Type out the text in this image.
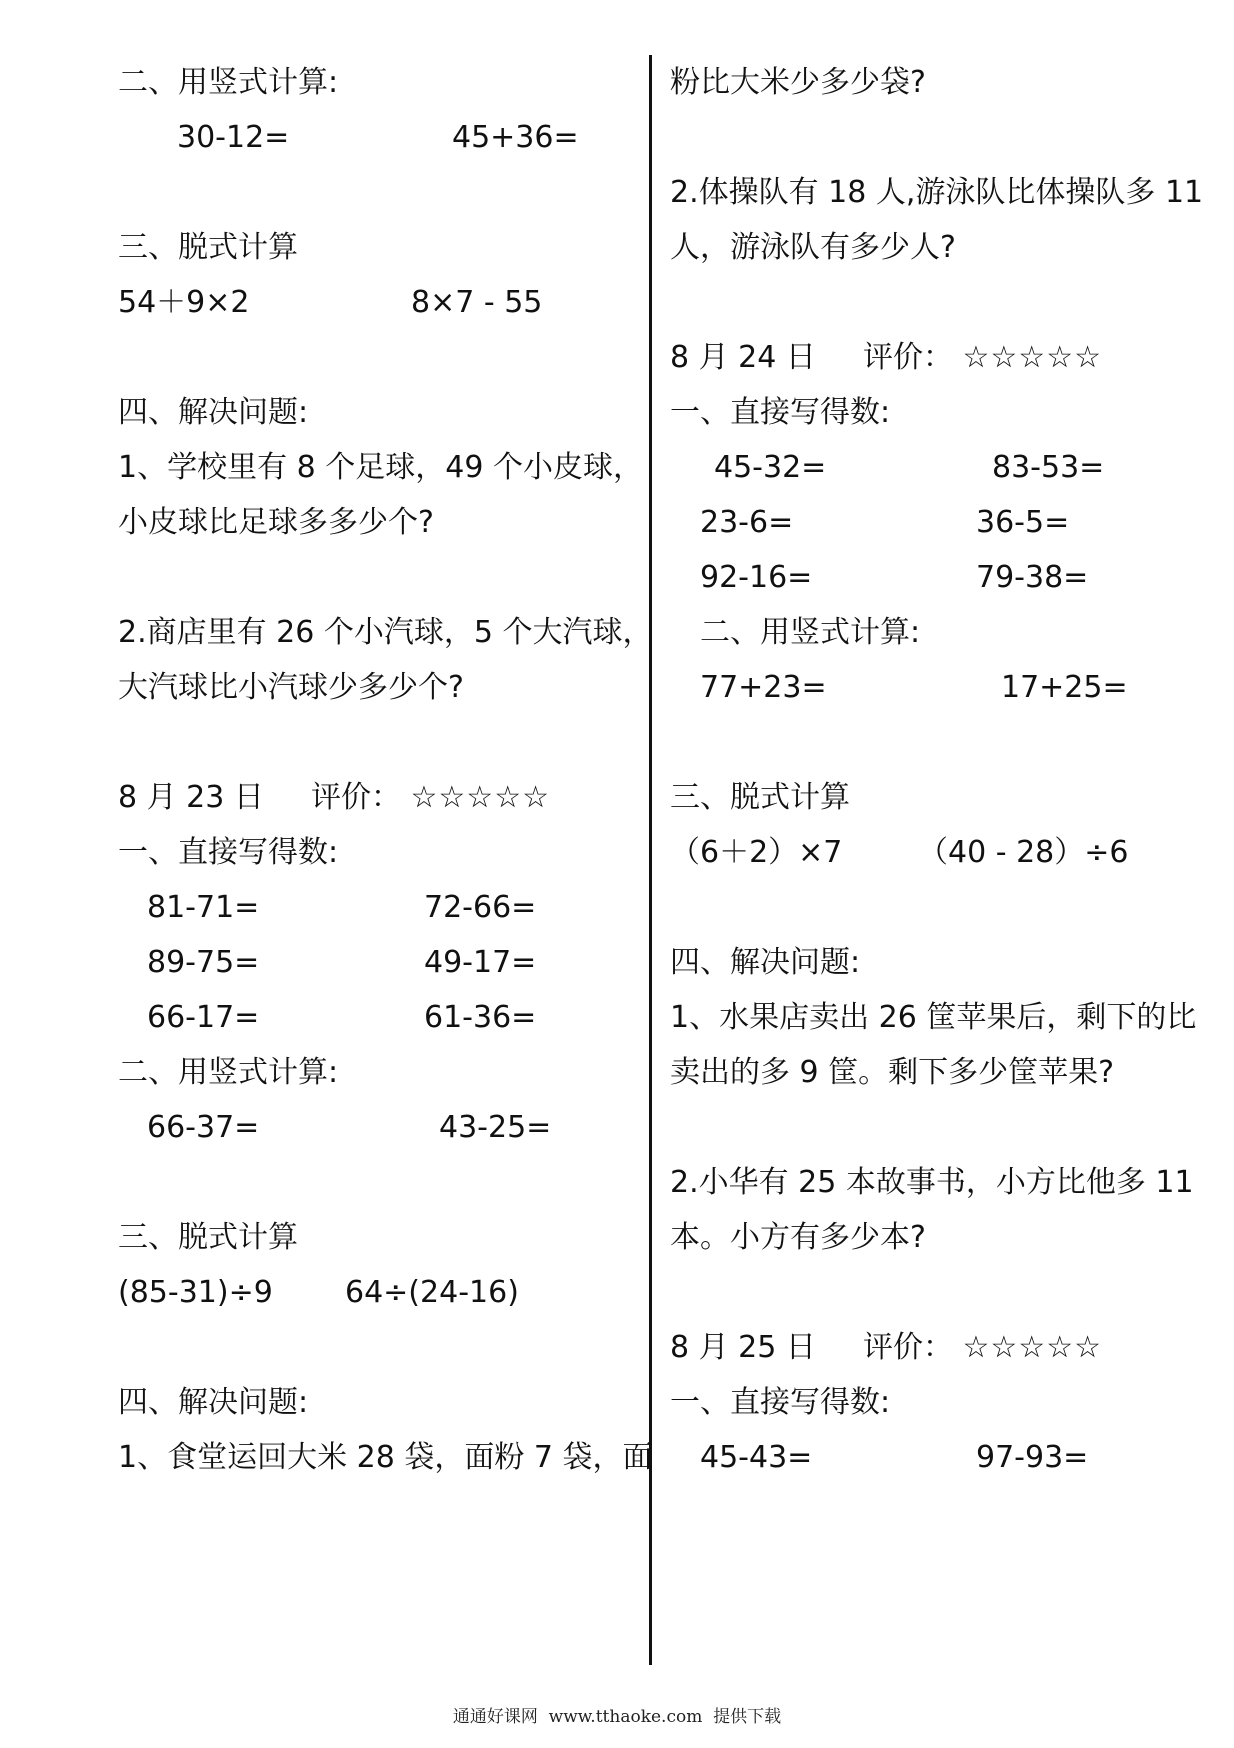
二、用竖式计算:
30-12=	45+36=
三、脱式计算
54＋9×2	8×7 - 55
四、解决问题:
1、学校里有 8 个足球，49 个小皮球，
小皮球比足球多多少个?
2.商店里有 26 个小汽球，5 个大汽球，
大汽球比小汽球少多少个?
8 月 23 日 评价： ☆☆☆☆☆
一、直接写得数:
81-71=	72-66=
89-75=	49-17=
66-17=	61-36=
二、用竖式计算:
66-37=	43-25=
三、脱式计算
(85-31)÷9 64÷(24-16)
四、解决问题:
1、食堂运回大米 28 袋，面粉 7 袋，面
粉比大米少多少袋?
2.体操队有 18 人,游泳队比体操队多 11
人，游泳队有多少人?
8 月 24 日 评价： ☆☆☆☆☆
一、直接写得数:
45-32=	83-53=
23-6=	36-5=
92-16=	79-38=
二、用竖式计算:
77+23=	17+25=
三、脱式计算
（6＋2）×7	（40 - 28）÷6
四、解决问题:
1、水果店卖出 26 筐苹果后，剩下的比
卖出的多 9 筐。剩下多少筐苹果?
2.小华有 25 本故事书，小方比他多 11
本。小方有多少本?
8 月 25 日 评价： ☆☆☆☆☆
一、直接写得数:
45-43=	97-93=
通通好课网  www.tthaoke.com  提供下载
